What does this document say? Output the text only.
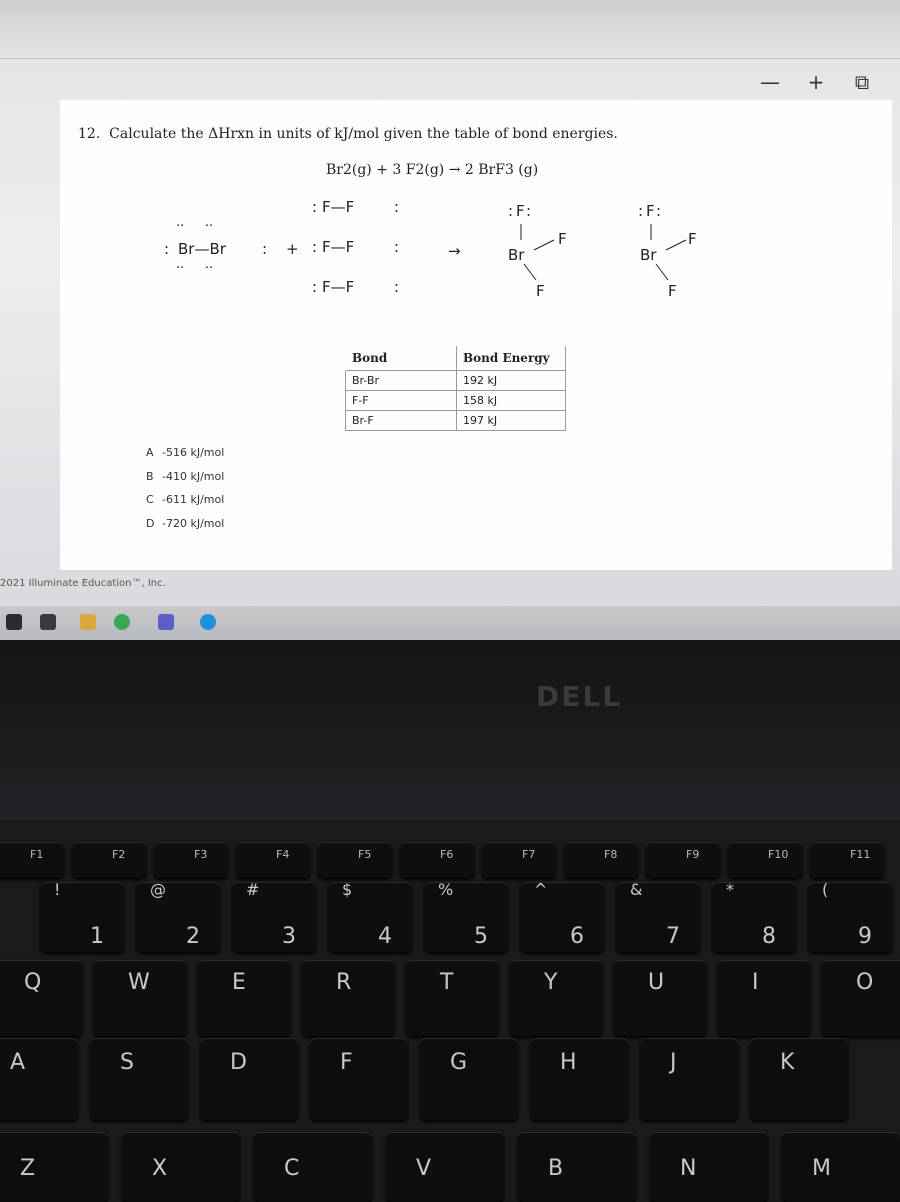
— + ⧉
12. Calculate the ΔHrxn in units of kJ/mol given the table of bond energies.
Br2(g) + 3 F2(g) → 2 BrF3 (g)
Br—Br
··     ··
··     ··
:	: +
F—F
:	:
F—F
:	:
F—F
:	:
→
F
: :
Br
F
F
F
: :
Br
F
F
Bond	Bond Energy
Br-Br	192 kJ
F-F	158 kJ
Br-F	197 kJ
A -516 kJ/mol
B -410 kJ/mol
C -611 kJ/mol
D -720 kJ/mol
2021 Illuminate Education™, Inc.
DELL
F1	F2	F3	F4	F5	F6	F7	F8	F9	F10	F11
1
!
2
@
3
#
4
$
5
%
6
^
7
&
8
*
9
(
Q	W	E	R	T	Y	U	I	O
A	S	D	F	G	H	J	K
Z	X	C	V	B	N	M
